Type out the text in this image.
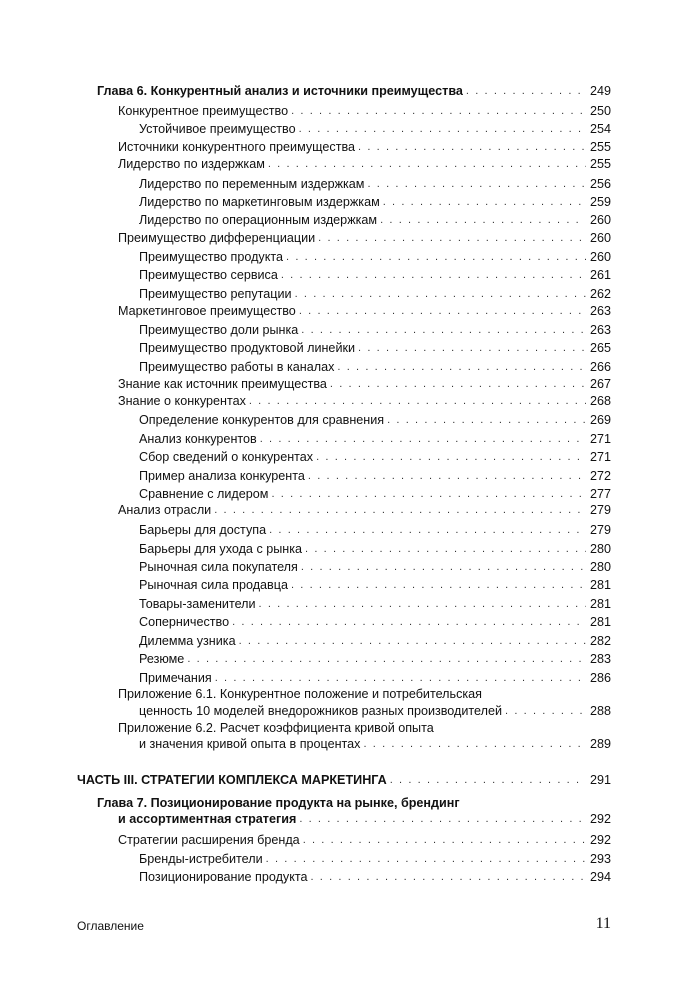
Глава 6. Конкурентный анализ и источники преимущества . . .	249
Конкурентное преимущество . . .	250
Устойчивое преимущество . . .	254
Источники конкурентного преимущества . . .	255
Лидерство по издержкам . . .	255
Лидерство по переменным издержкам . . .	256
Лидерство по маркетинговым издержкам . . .	259
Лидерство по операционным издержкам . . .	260
Преимущество дифференциации . . .	260
Преимущество продукта . . .	260
Преимущество сервиса . . .	261
Преимущество репутации . . .	262
Маркетинговое преимущество . . .	263
Преимущество доли рынка . . .	263
Преимущество продуктовой линейки . . .	265
Преимущество работы в каналах . . .	266
Знание как источник преимущества . . .	267
Знание о конкурентах . . .	268
Определение конкурентов для сравнения . . .	269
Анализ конкурентов . . .	271
Сбор сведений о конкурентах . . .	271
Пример анализа конкурента . . .	272
Сравнение с лидером . . .	277
Анализ отрасли . . .	279
Барьеры для доступа . . .	279
Барьеры для ухода с рынка . . .	280
Рыночная сила покупателя . . .	280
Рыночная сила продавца . . .	281
Товары-заменители . . .	281
Соперничество . . .	281
Дилемма узника . . .	282
Резюме . . .	283
Примечания . . .	286
Приложение 6.1. Конкурентное положение и потребительская
ценность 10 моделей внедорожников разных производителей . . .	288
Приложение 6.2. Расчет коэффициента кривой опыта
и значения кривой опыта в процентах . . .	289
ЧАСТЬ III. СТРАТЕГИИ КОМПЛЕКСА МАРКЕТИНГА . . .	291
Глава 7. Позиционирование продукта на рынке, брендинг
и ассортиментная стратегия . . .	292
Стратегии расширения бренда . . .	292
Бренды-истребители . . .	293
Позиционирование продукта . . .	294
Оглавление	11
